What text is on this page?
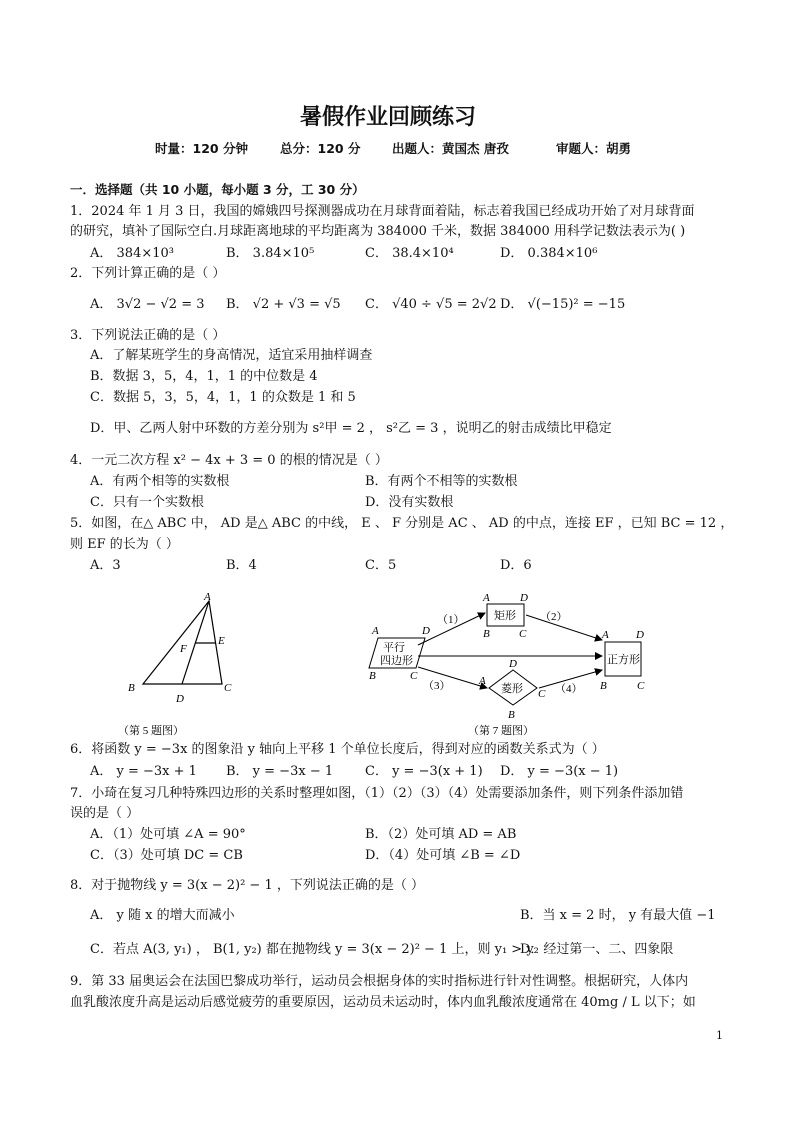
暑假作业回顾练习
时量：120 分钟	总分：120 分	出题人：黄国杰 唐孜	审题人：胡勇
一．选择题（共 10 小题，每小题 3 分，工 30 分）
1．2024 年 1 月 3 日，我国的嫦娥四号探测器成功在月球背面着陆，标志着我国已经成功开始了对月球背面
的研究，填补了国际空白.月球距离地球的平均距离为 384000 千米，数据 384000 用科学记数法表示为( )
A． 384×10³	B． 3.84×10⁵	C． 38.4×10⁴	D． 0.384×10⁶
2．下列计算正确的是（ ）
A． 3√2 − √2 = 3 B． √2 + √3 = √5 C． √40 ÷ √5 = 2√2 D． √(−15)² = −15
3．下列说法正确的是（ ）
A．了解某班学生的身高情况，适宜采用抽样调查
B．数据 3，5，4，1，1 的中位数是 4
C．数据 5，3，5，4，1，1 的众数是 1 和 5
D．甲、乙两人射中环数的方差分别为 s²甲 = 2 ， s²乙 = 3 ，说明乙的射击成绩比甲稳定
4．一元二次方程 x² − 4x + 3 = 0 的根的情况是（ ）
A．有两个相等的实数根	B．有两个不相等的实数根
C．只有一个实数根	D．没有实数根
5．如图，在△ ABC 中， AD 是△ ABC 的中线， E 、 F 分别是 AC 、 AD 的中点，连接 EF ，已知 BC = 12 ，
则 EF 的长为（ ）
A．3	B．4	C．5	D．6
A
B	C
D
E
F
（第 5 题图）
平行
四边形
A	D
B	C
矩形
A	D
B	C
菱形
D
A
C
B
正方形
A D
B	C
（1）	（2）
（3）	（4）
（第 7 题图）
6．将函数 y = −3x 的图象沿 y 轴向上平移 1 个单位长度后，得到对应的函数关系式为（ ）
A． y = −3x + 1 B． y = −3x − 1 C． y = −3(x + 1) D． y = −3(x − 1)
7．小琦在复习几种特殊四边形的关系时整理如图，（1）（2）（3）（4）处需要添加条件，则下列条件添加错
误的是（ ）
A．（1）处可填 ∠A = 90°	B．（2）处可填 AD = AB
C．（3）处可填 DC = CB	D．（4）处可填 ∠B = ∠D
8．对于抛物线 y = 3(x − 2)² − 1 ，下列说法正确的是（ ）
A． y 随 x 的增大而减小	B．当 x = 2 时， y 有最大值 −1
C．若点 A(3, y₁) ， B(1, y₂) 都在抛物线 y = 3(x − 2)² − 1 上，则 y₁ > y₂
D．经过第一、二、四象限
9．第 33 届奥运会在法国巴黎成功举行，运动员会根据身体的实时指标进行针对性调整。根据研究，人体内
血乳酸浓度升高是运动后感觉疲劳的重要原因，运动员未运动时，体内血乳酸浓度通常在 40mg / L 以下；如
1
